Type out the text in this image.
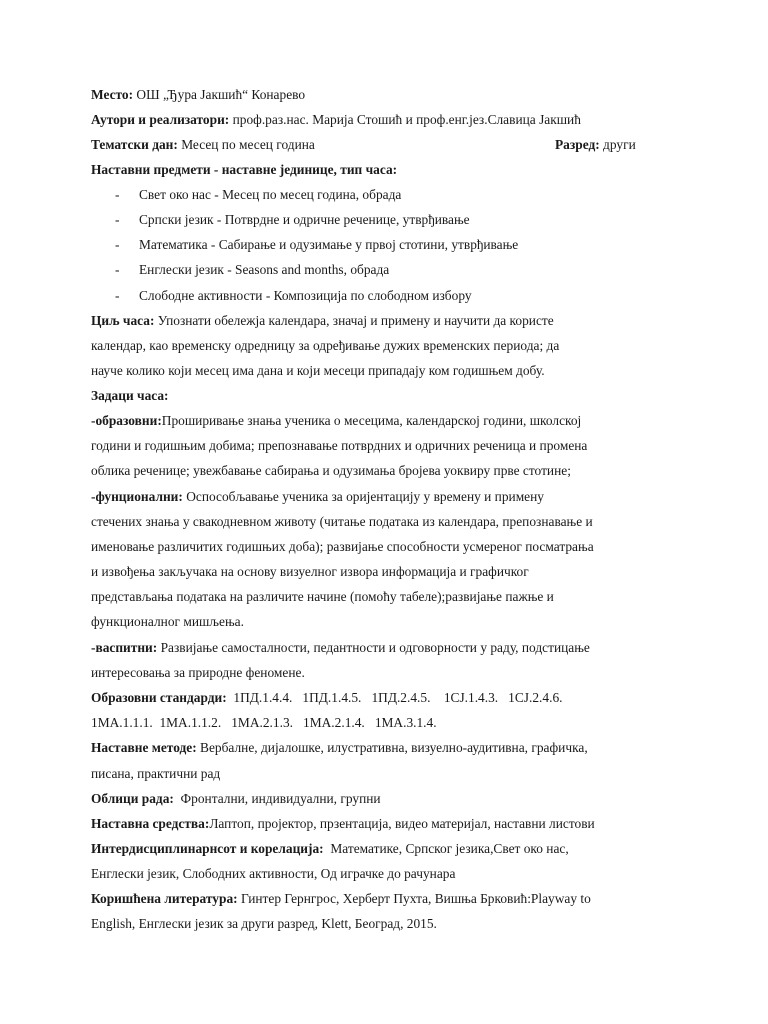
Место: ОШ „Ђура Јакшић“ Конарево
Аутори и реализатори: проф.раз.нас. Марија Стошић и проф.енг.јез.Славица Јакшић
Тематски дан: Месец по месец година	Разред: други
Наставни предмети - наставне јединице, тип часа:
- Свет око нас - Месец по месец година, обрада
- Српски језик - Потврдне и одричне реченице, утврђивање
- Математика - Сабирање и одузимање у првој стотини, утврђивање
- Енглески језик - Seasons and months, обрада
- Слободне активности - Композиција по слободном избору
Циљ часа: Упознати обележја календара, значај и примену и научити да користе
календар, као временску одредницу за одређивање дужих временских периода; да
науче колико који месец има дана и који месеци припадају ком годишњем добу.
Задаци часа:
-образовни:Проширивање знања ученика о месецима, календарској години, школској
години и годишњим добима; препознавање потврдних и одричних реченица и промена
облика реченице; увежбавање сабирања и одузимања бројева уоквиру прве стотине;
-фунционални: Оспособљавање ученика за оријентацију у времену и примену
стечених знања у свакодневном животу (читање података из календара, препознавање и
именовање различитих годишњих доба); развијање способности усмереног посматрања
и извођења закључака на основу визуелног извора информација и графичког
представљања података на различите начине (помоћу табеле);развијање пажње и
функционалног мишљења.
-васпитни: Развијање самосталности, педантности и одговорности у раду, подстицање
интересовања за природне феномене.
Образовни стандарди:  1ПД.1.4.4.   1ПД.1.4.5.   1ПД.2.4.5.    1СЈ.1.4.3.   1СЈ.2.4.6.
1МА.1.1.1.  1МА.1.1.2.   1МА.2.1.3.   1МА.2.1.4.   1МА.3.1.4.
Наставне методе: Вербалне, дијалошке, илустративна, визуелно-аудитивна, графичка,
писана, практични рад
Облици рада:  Фронтални, индивидуални, групни
Наставна средства:Лаптоп, пројектор, прзентација, видео материјал, наставни листови
Интердисциплинарнсот и корелација:  Математике, Српског језика,Свет око нас,
Енглески језик, Слободних активности, Од играчке до рачунара
Коришћена литература: Гинтер Гернгрос, Херберт Пухта, Вишња Брковић:Playway to
English, Енглески језик за други разред, Klett, Београд, 2015.
